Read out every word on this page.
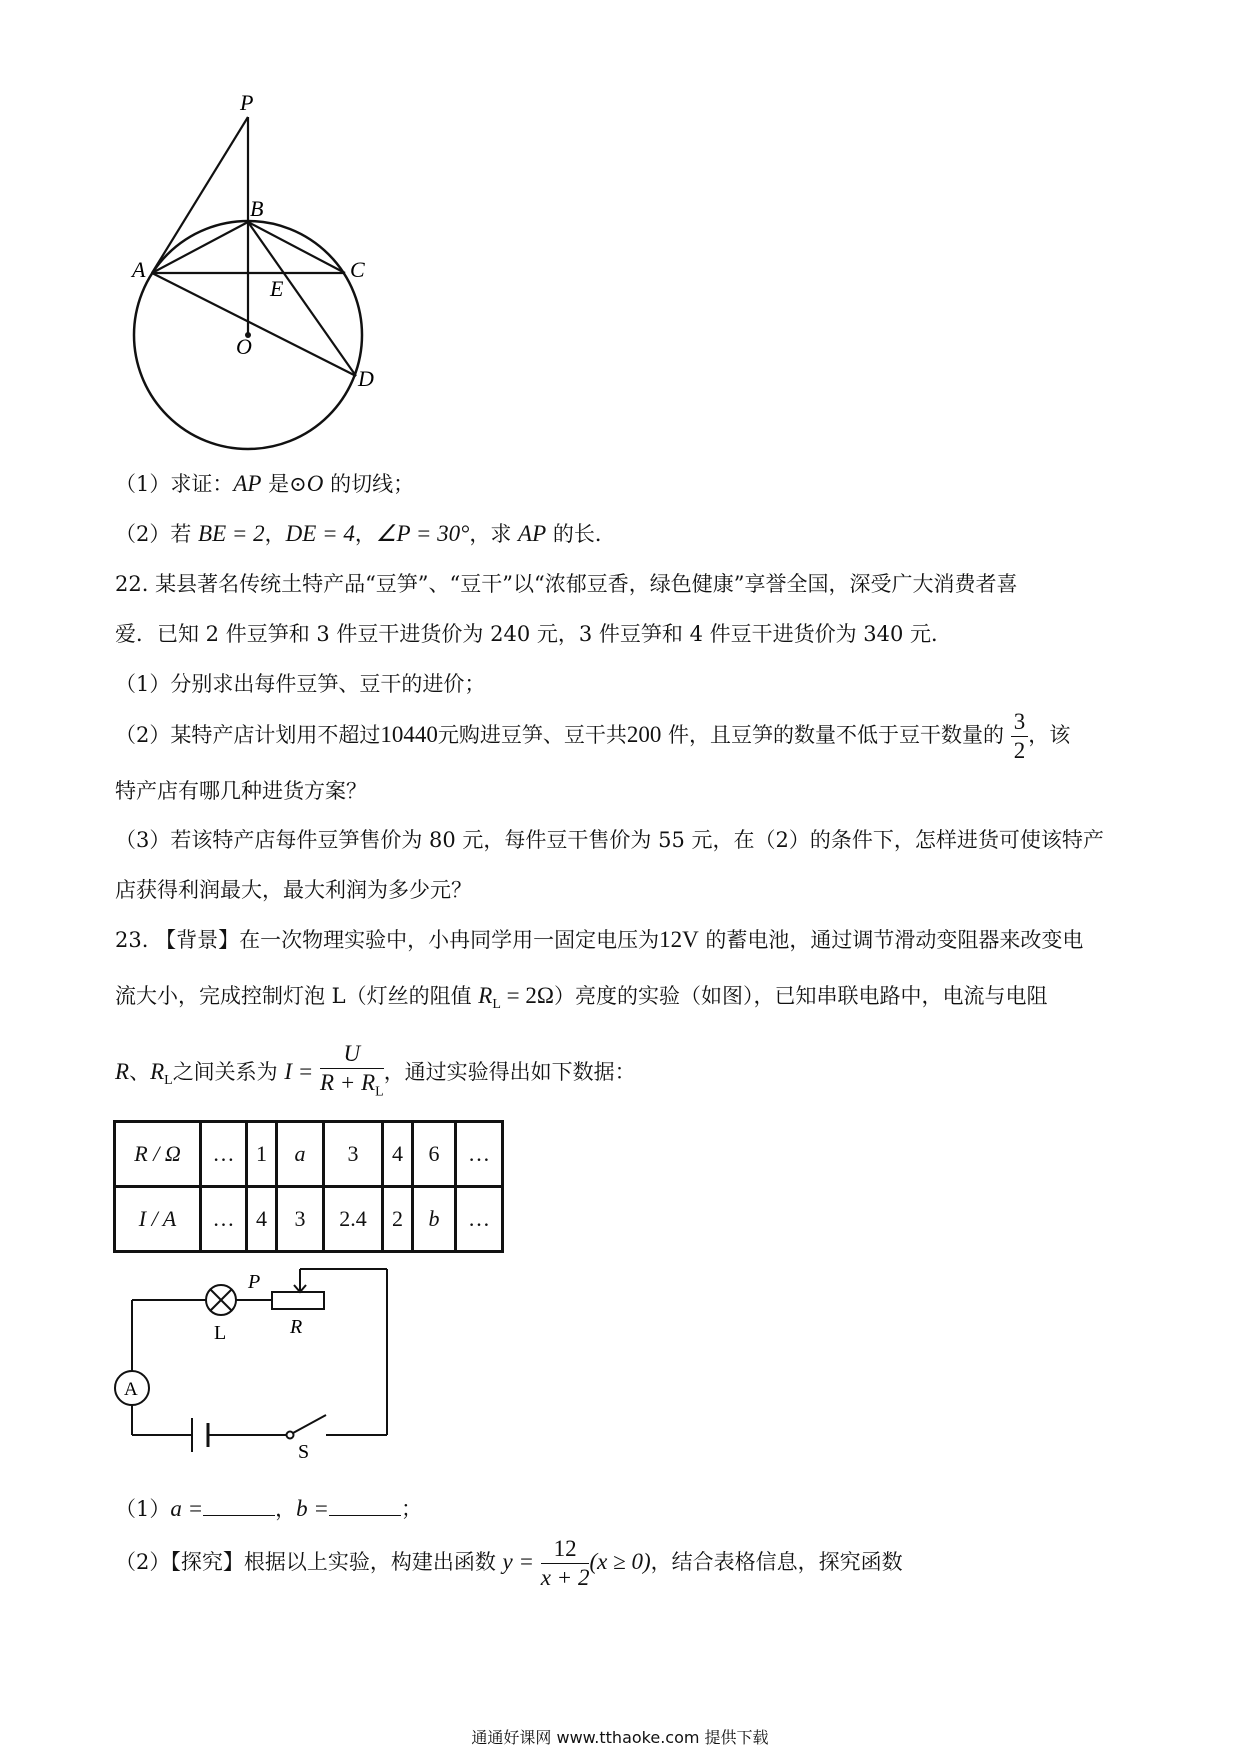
P
B
A	C
E
O
D
（1）求证：AP 是⊙O 的切线；
（2）若 BE = 2，DE = 4，∠P = 30°，求 AP 的长．
22. 某县著名传统土特产品“豆笋”、“豆干”以“浓郁豆香，绿色健康”享誉全国，深受广大消费者喜
爱．已知 2 件豆笋和 3 件豆干进货价为 240 元，3 件豆笋和 4 件豆干进货价为 340 元．
（1）分别求出每件豆笋、豆干的进价；
（2）某特产店计划用不超过10440元购进豆笋、豆干共200 件，且豆笋的数量不低于豆干数量的 $\frac{3}{2}$ ，该
特产店有哪几种进货方案？
（3）若该特产店每件豆笋售价为 80 元，每件豆干售价为 55 元，在（2）的条件下，怎样进货可使该特产
店获得利润最大，最大利润为多少元？
23. 【背景】在一次物理实验中，小冉同学用一固定电压为12V 的蓄电池，通过调节滑动变阻器来改变电
流大小，完成控制灯泡 L（灯丝的阻值 $R_L = 2\Omega$）亮度的实验（如图），已知串联电路中，电流与电阻
R、$R_L$之间关系为 $I = \frac{U}{R + R_L}$ ，通过实验得出如下数据：
R / Ω	…	1	a	3	4	6	…
I / A	…	4	3	2.4	2	b	…
L
P
R
A
S
（1）a =	，b =	；
（2）【探究】根据以上实验，构建出函数 $y = \frac{12}{x + 2} (x \ge 0)$，结合表格信息，探究函数
通通好课网 www.tthaoke.com 提供下载
